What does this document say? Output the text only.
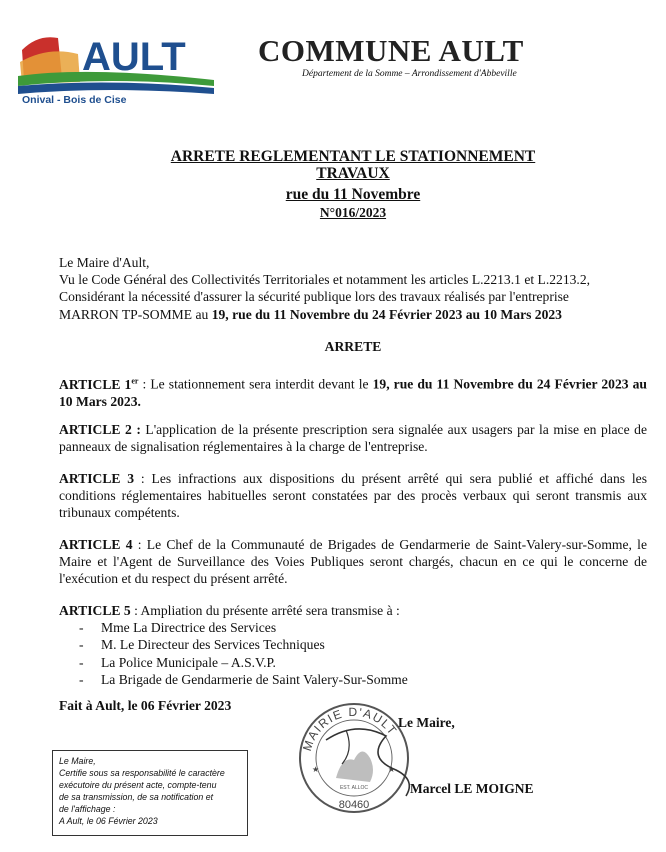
AULT
Onival - Bois de Cise
COMMUNE AULT
Département de la Somme – Arrondissement d'Abbeville
ARRETE REGLEMENTANT LE STATIONNEMENT
TRAVAUX
rue du 11 Novembre
N°016/2023
Le Maire d'Ault,
Vu le Code Général des Collectivités Territoriales et notamment les articles L.2213.1 et L.2213.2,
Considérant la nécessité d'assurer la sécurité publique lors des travaux réalisés par l'entreprise
MARRON TP-SOMME au 19, rue du 11 Novembre du 24 Février 2023 au 10 Mars 2023
ARRETE
ARTICLE 1er : Le stationnement sera interdit devant le 19, rue du 11 Novembre du 24 Février 2023 au 10 Mars 2023.
ARTICLE 2 : L'application de la présente prescription sera signalée aux usagers par la mise en place de panneaux de signalisation réglementaires à la charge de l'entreprise.
ARTICLE 3 : Les infractions aux dispositions du présent arrêté qui sera publié et affiché dans les conditions réglementaires habituelles seront constatées par des procès verbaux qui seront transmis aux tribunaux compétents.
ARTICLE 4 : Le Chef de la Communauté de Brigades de Gendarmerie de Saint-Valery-sur-Somme, le Maire et l'Agent de Surveillance des Voies Publiques seront chargés, chacun en ce qui le concerne de l'exécution et du respect du présent arrêté.
ARTICLE 5 : Ampliation du présente arrêté sera transmise à :
- Mme La Directrice des Services
- M. Le Directeur des Services Techniques
- La Police Municipale – A.S.V.P.
- La Brigade de Gendarmerie de Saint Valery-Sur-Somme
Fait à Ault, le 06 Février 2023
Le Maire,
Certifie sous sa responsabilité le caractère
exécutoire du présent acte, compte-tenu
de sa transmission, de sa notification et
de l'affichage :
A Ault, le 06 Février 2023
MAIRIE D'AULT
80460
EST. ALLOC
★	★
Le Maire,
Marcel LE MOIGNE
